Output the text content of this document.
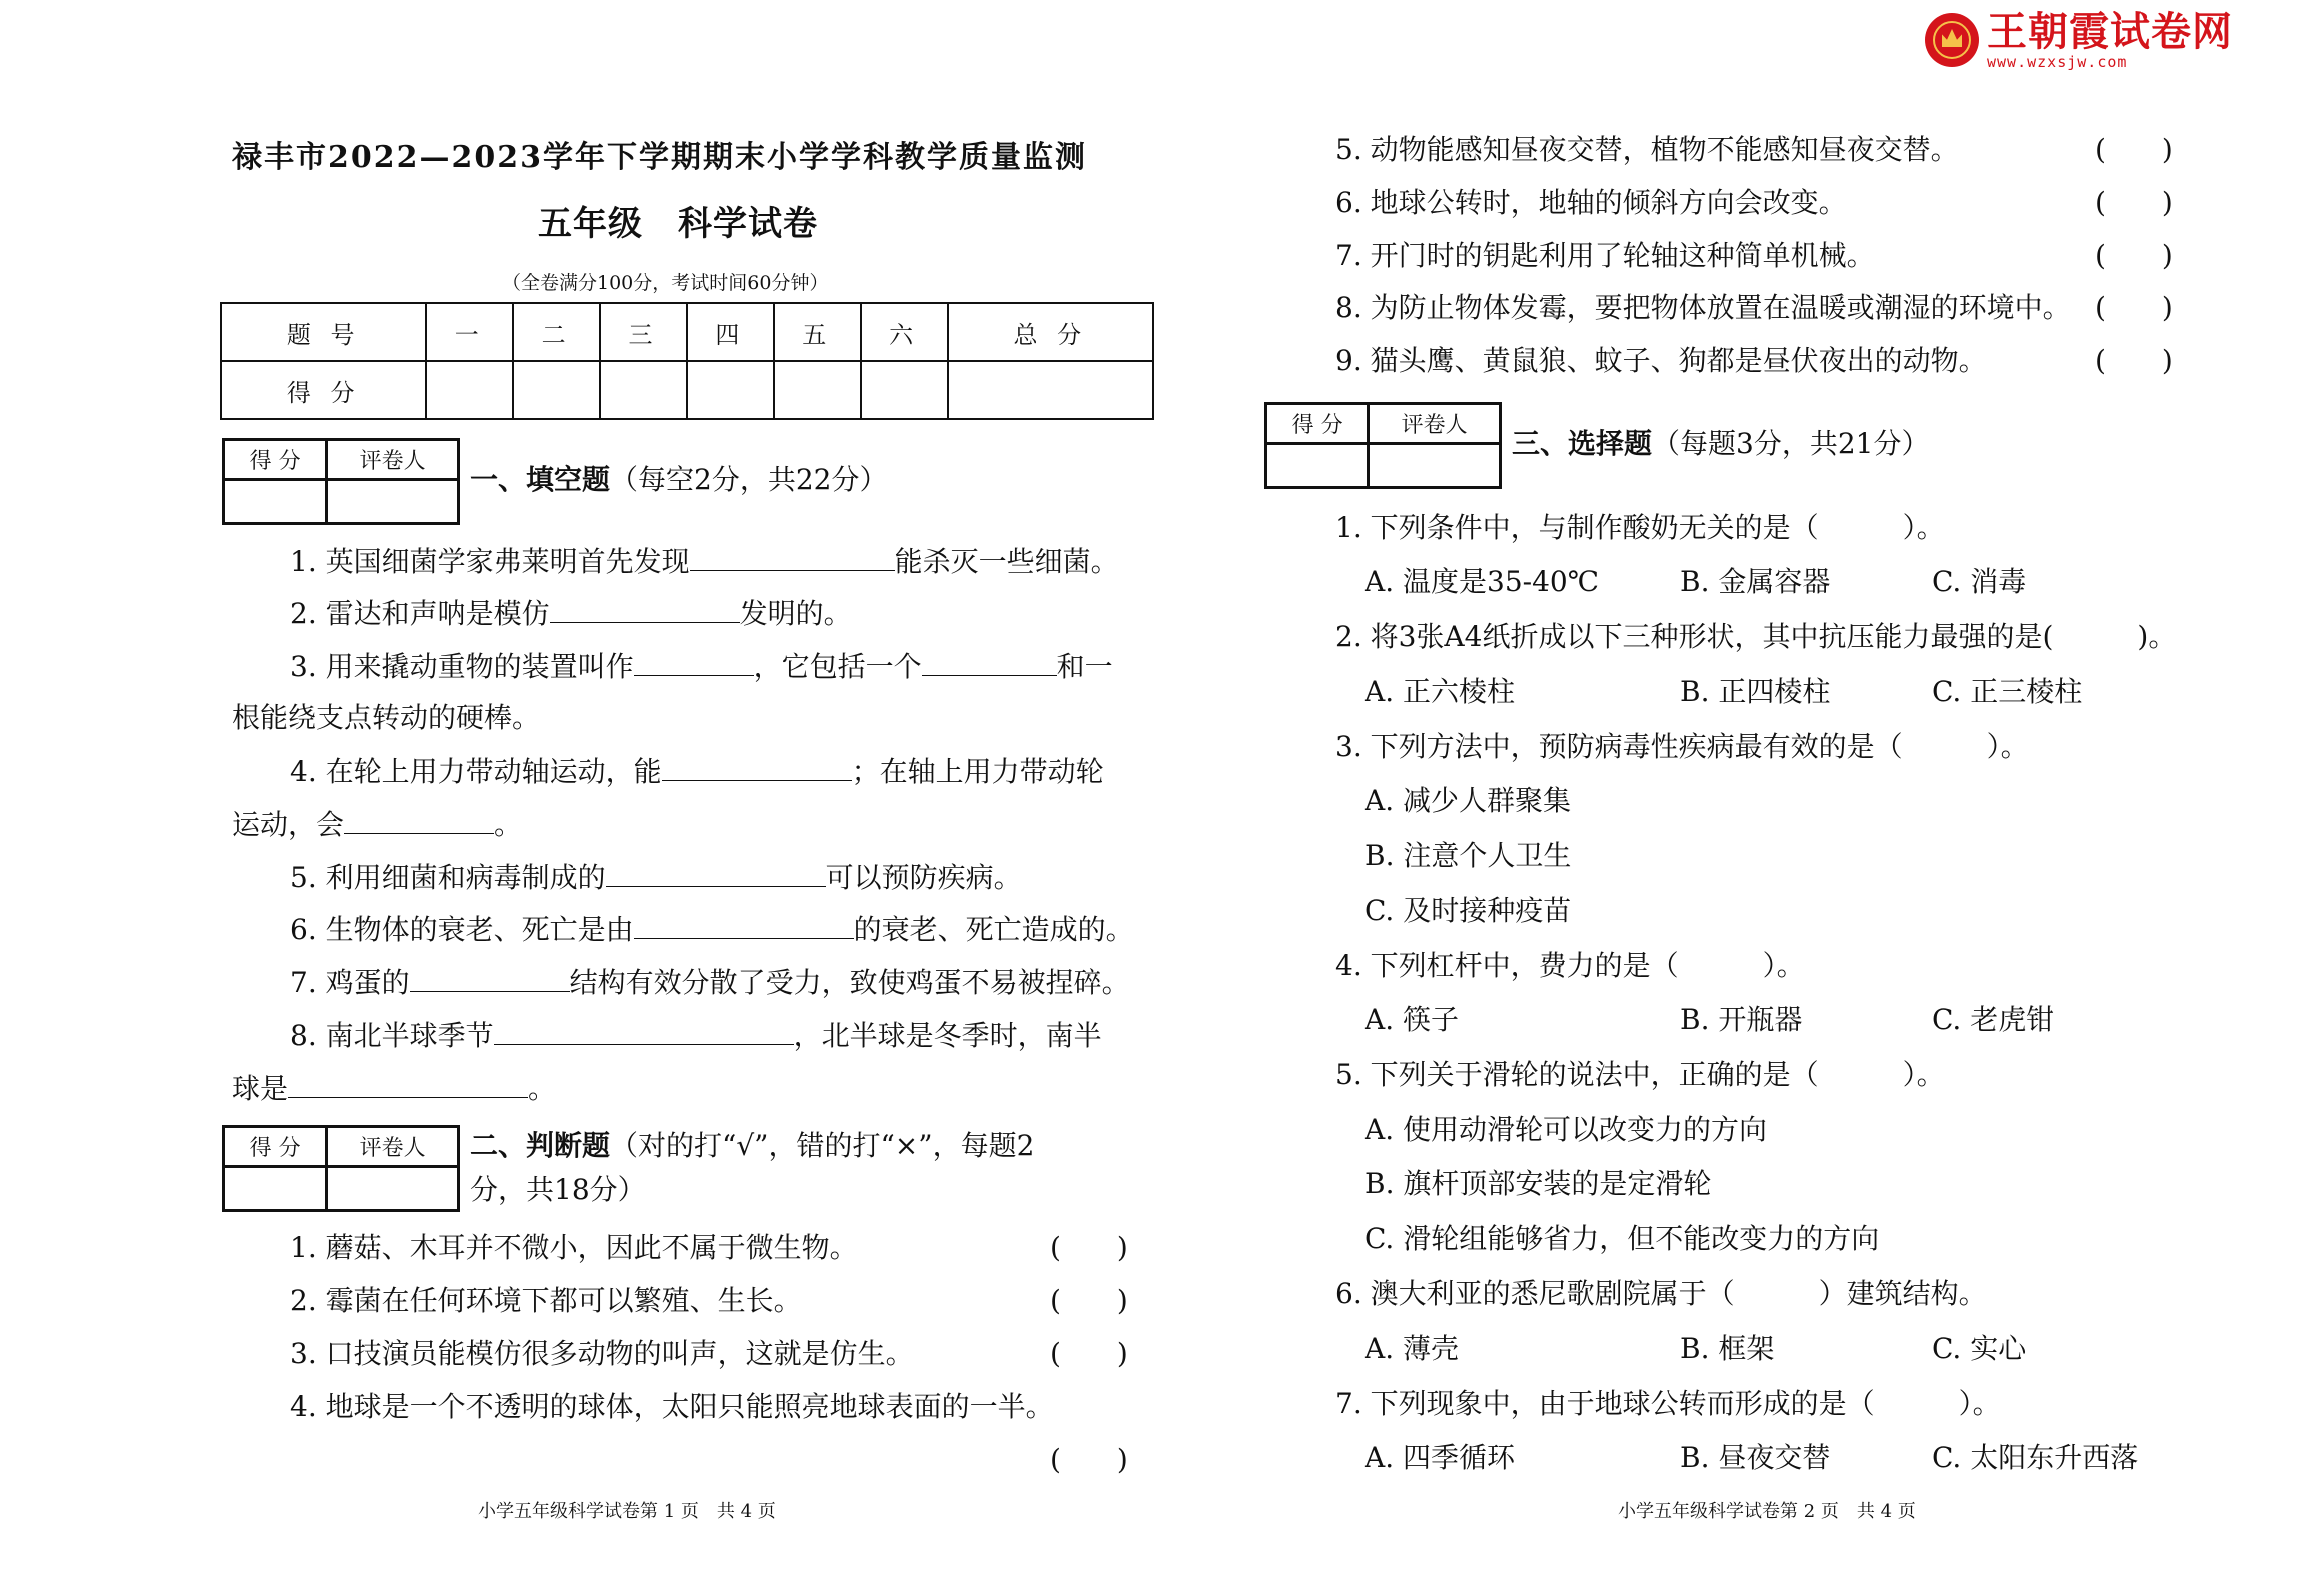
王朝霞试卷网
www.wzxsjw.com
禄丰市2022—2023学年下学期期末小学学科教学质量监测
五年级　科学试卷
（全卷满分100分，考试时间60分钟）
题 号	一	二	三	四	五	六	总 分
得 分							
得 分	评卷人

一、填空题（每空2分，共22分）
1. 英国细菌学家弗莱明首先发现	能杀灭一些细菌。
2. 雷达和声呐是模仿	发明的。
3. 用来撬动重物的装置叫作	，它包括一个	和一
根能绕支点转动的硬棒。
4. 在轮上用力带动轴运动，能	；在轴上用力带动轮
运动，会	。
5. 利用细菌和病毒制成的	可以预防疾病。
6. 生物体的衰老、死亡是由	的衰老、死亡造成的。
7. 鸡蛋的	结构有效分散了受力，致使鸡蛋不易被捏碎。
8. 南北半球季节	，北半球是冬季时，南半
球是	。
得 分	评卷人
	二、判断题（对的打“√”，错的打“×”，每题2
分，共18分）
1. 蘑菇、木耳并不微小，因此不属于微生物。	(　　)
2. 霉菌在任何环境下都可以繁殖、生长。	(　　)
3. 口技演员能模仿很多动物的叫声，这就是仿生。	(　　)
4. 地球是一个不透明的球体，太阳只能照亮地球表面的一半。
(　　)
小学五年级科学试卷第 1 页　共 4 页
5. 动物能感知昼夜交替，植物不能感知昼夜交替。	(　　)
6. 地球公转时，地轴的倾斜方向会改变。	(　　)
7. 开门时的钥匙利用了轮轴这种简单机械。	(　　)
8. 为防止物体发霉，要把物体放置在温暖或潮湿的环境中。 (　　)
9. 猫头鹰、黄鼠狼、蚊子、狗都是昼伏夜出的动物。	(　　)
得 分	评卷人

三、选择题（每题3分，共21分）
1. 下列条件中，与制作酸奶无关的是（　　　）。
A. 温度是35-40℃	B. 金属容器	C. 消毒
2. 将3张A4纸折成以下三种形状，其中抗压能力最强的是(　　　)。
A. 正六棱柱	B. 正四棱柱	C. 正三棱柱
3. 下列方法中，预防病毒性疾病最有效的是（　　　）。
A. 减少人群聚集
B. 注意个人卫生
C. 及时接种疫苗
4. 下列杠杆中，费力的是（　　　）。
A. 筷子	B. 开瓶器	C. 老虎钳
5. 下列关于滑轮的说法中，正确的是（　　　）。
A. 使用动滑轮可以改变力的方向
B. 旗杆顶部安装的是定滑轮
C. 滑轮组能够省力，但不能改变力的方向
6. 澳大利亚的悉尼歌剧院属于（　　　）建筑结构。
A. 薄壳	B. 框架	C. 实心
7. 下列现象中，由于地球公转而形成的是（　　　）。
A. 四季循环	B. 昼夜交替	C. 太阳东升西落
小学五年级科学试卷第 2 页　共 4 页
